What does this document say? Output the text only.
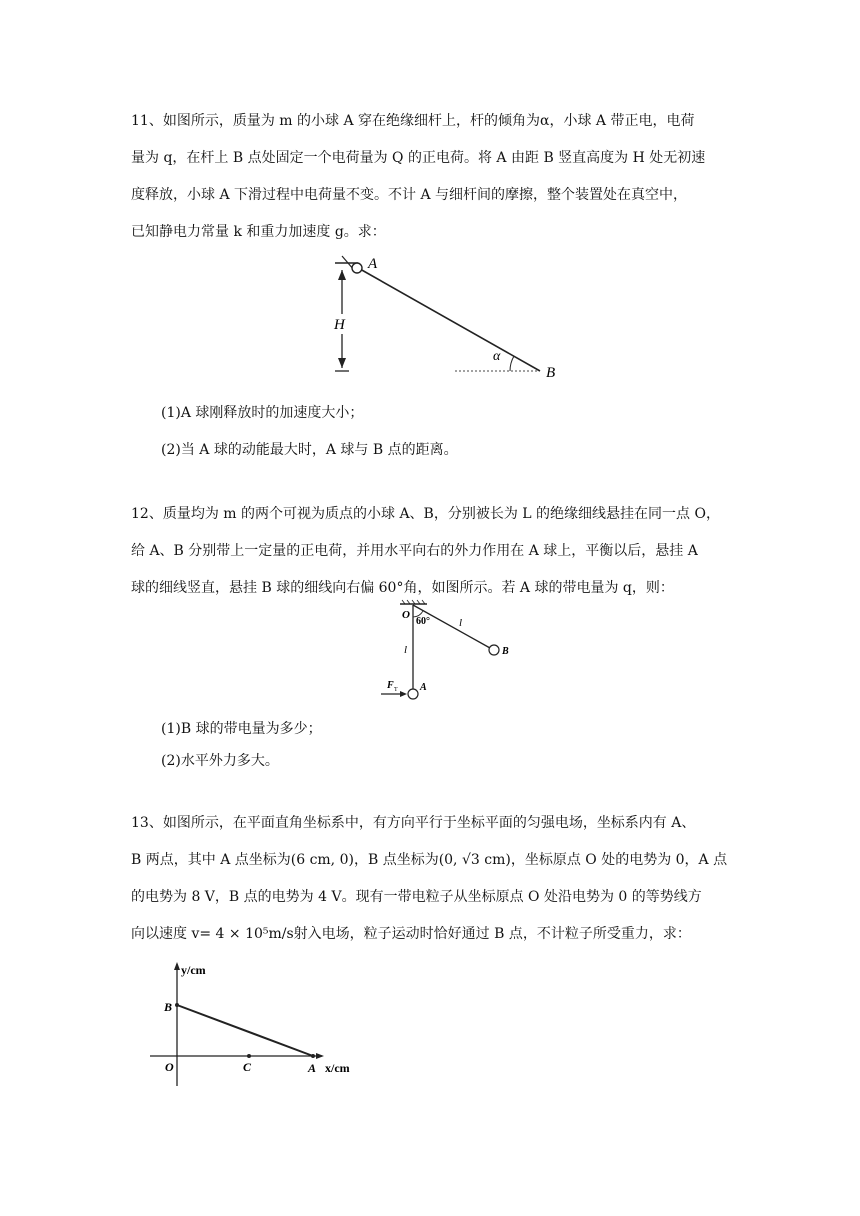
11、如图所示，质量为 m 的小球 A 穿在绝缘细杆上，杆的倾角为α，小球 A 带正电，电荷
量为 q，在杆上 B 点处固定一个电荷量为 Q 的正电荷。将 A 由距 B 竖直高度为 H 处无初速
度释放，小球 A 下滑过程中电荷量不变。不计 A 与细杆间的摩擦，整个装置处在真空中，
已知静电力常量 k 和重力加速度 g。求：
A
H
α
B
(1)A 球刚释放时的加速度大小；
(2)当 A 球的动能最大时，A 球与 B 点的距离。
12、质量均为 m 的两个可视为质点的小球 A、B，分别被长为 L 的绝缘细线悬挂在同一点 O，
给 A、B 分别带上一定量的正电荷，并用水平向右的外力作用在 A 球上，平衡以后，悬挂 A
球的细线竖直，悬挂 B 球的细线向右偏 60°角，如图所示。若 A 球的带电量为 q，则：
O
60°	l
l	B
A
F T
(1)B 球的带电量为多少；
(2)水平外力多大。
13、如图所示，在平面直角坐标系中，有方向平行于坐标平面的匀强电场，坐标系内有 A、
B 两点，其中 A 点坐标为(6 cm, 0)，B 点坐标为(0, √3 cm)，坐标原点 O 处的电势为 0，A 点
的电势为 8 V，B 点的电势为 4 V。现有一带电粒子从坐标原点 O 处沿电势为 0 的等势线方
向以速度 v= 4 × 10⁵m/s射入电场，粒子运动时恰好通过 B 点，不计粒子所受重力，求：
y/cm
x/cm
B
O	C	A
